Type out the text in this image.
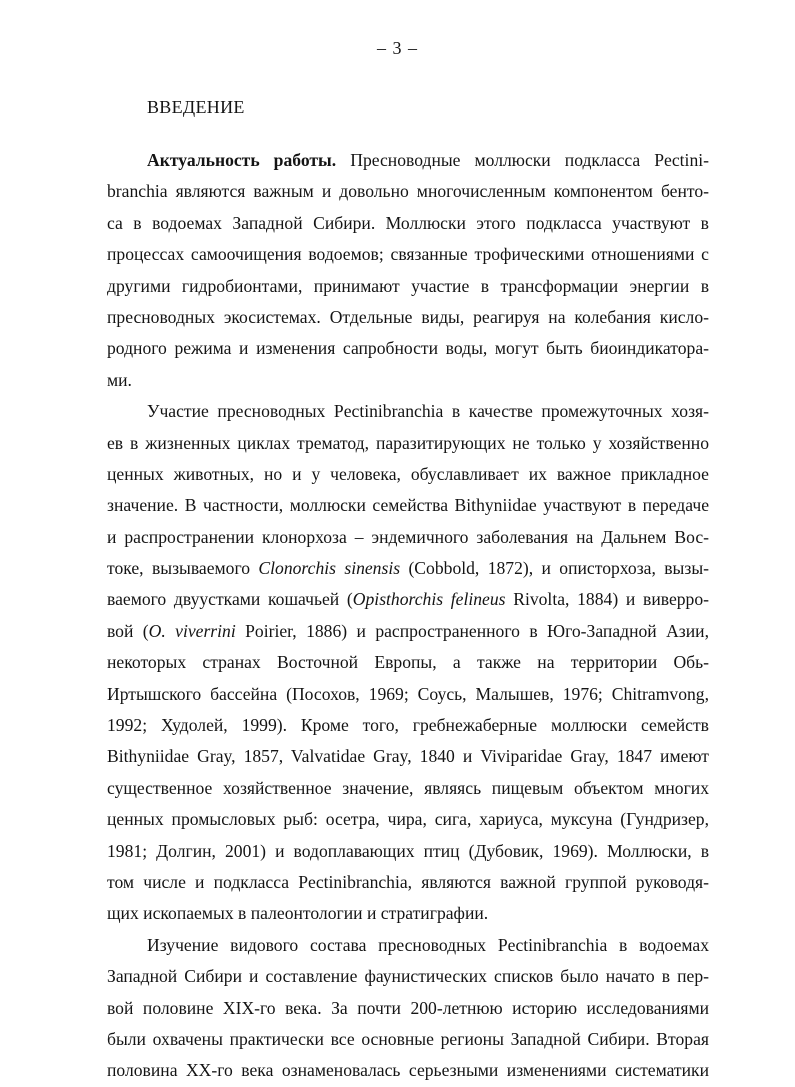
– 3 –
ВВЕДЕНИЕ
Актуальность работы. Пресноводные моллюски подкласса Pectini-
branchia являются важным и довольно многочисленным компонентом бенто-
са в водоемах Западной Сибири. Моллюски этого подкласса участвуют в
процессах самоочищения водоемов; связанные трофическими отношениями с
другими гидробионтами, принимают участие в трансформации энергии в
пресноводных экосистемах. Отдельные виды, реагируя на колебания кисло-
родного режима и изменения сапробности воды, могут быть биоиндикатора-
ми.
Участие пресноводных Pectinibranchia в качестве промежуточных хозя-
ев в жизненных циклах трематод, паразитирующих не только у хозяйственно
ценных животных, но и у человека, обуславливает их важное прикладное
значение. В частности, моллюски семейства Bithyniidae участвуют в передаче
и распространении клонорхоза – эндемичного заболевания на Дальнем Вос-
токе, вызываемого Clonorchis sinensis (Cobbold, 1872), и описторхоза, вызы-
ваемого двуустками кошачьей (Opisthorchis felineus Rivolta, 1884) и виверро-
вой (O. viverrini Poirier, 1886) и распространенного в Юго-Западной Азии,
некоторых странах Восточной Европы, а также на территории Обь-
Иртышского бассейна (Посохов, 1969; Соусь, Малышев, 1976; Chitramvong,
1992; Худолей, 1999). Кроме того, гребнежаберные моллюски семейств
Bithyniidae Gray, 1857, Valvatidae Gray, 1840 и Viviparidae Gray, 1847 имеют
существенное хозяйственное значение, являясь пищевым объектом многих
ценных промысловых рыб: осетра, чира, сига, хариуса, муксуна (Гундризер,
1981; Долгин, 2001) и водоплавающих птиц (Дубовик, 1969). Моллюски, в
том числе и подкласса Pectinibranchia, являются важной группой руководя-
щих ископаемых в палеонтологии и стратиграфии.
Изучение видового состава пресноводных Pectinibranchia в водоемах
Западной Сибири и составление фаунистических списков было начато в пер-
вой половине XIX-го века. За почти 200-летнюю историю исследованиями
были охвачены практически все основные регионы Западной Сибири. Вторая
половина XX-го века ознаменовалась серьезными изменениями систематики
